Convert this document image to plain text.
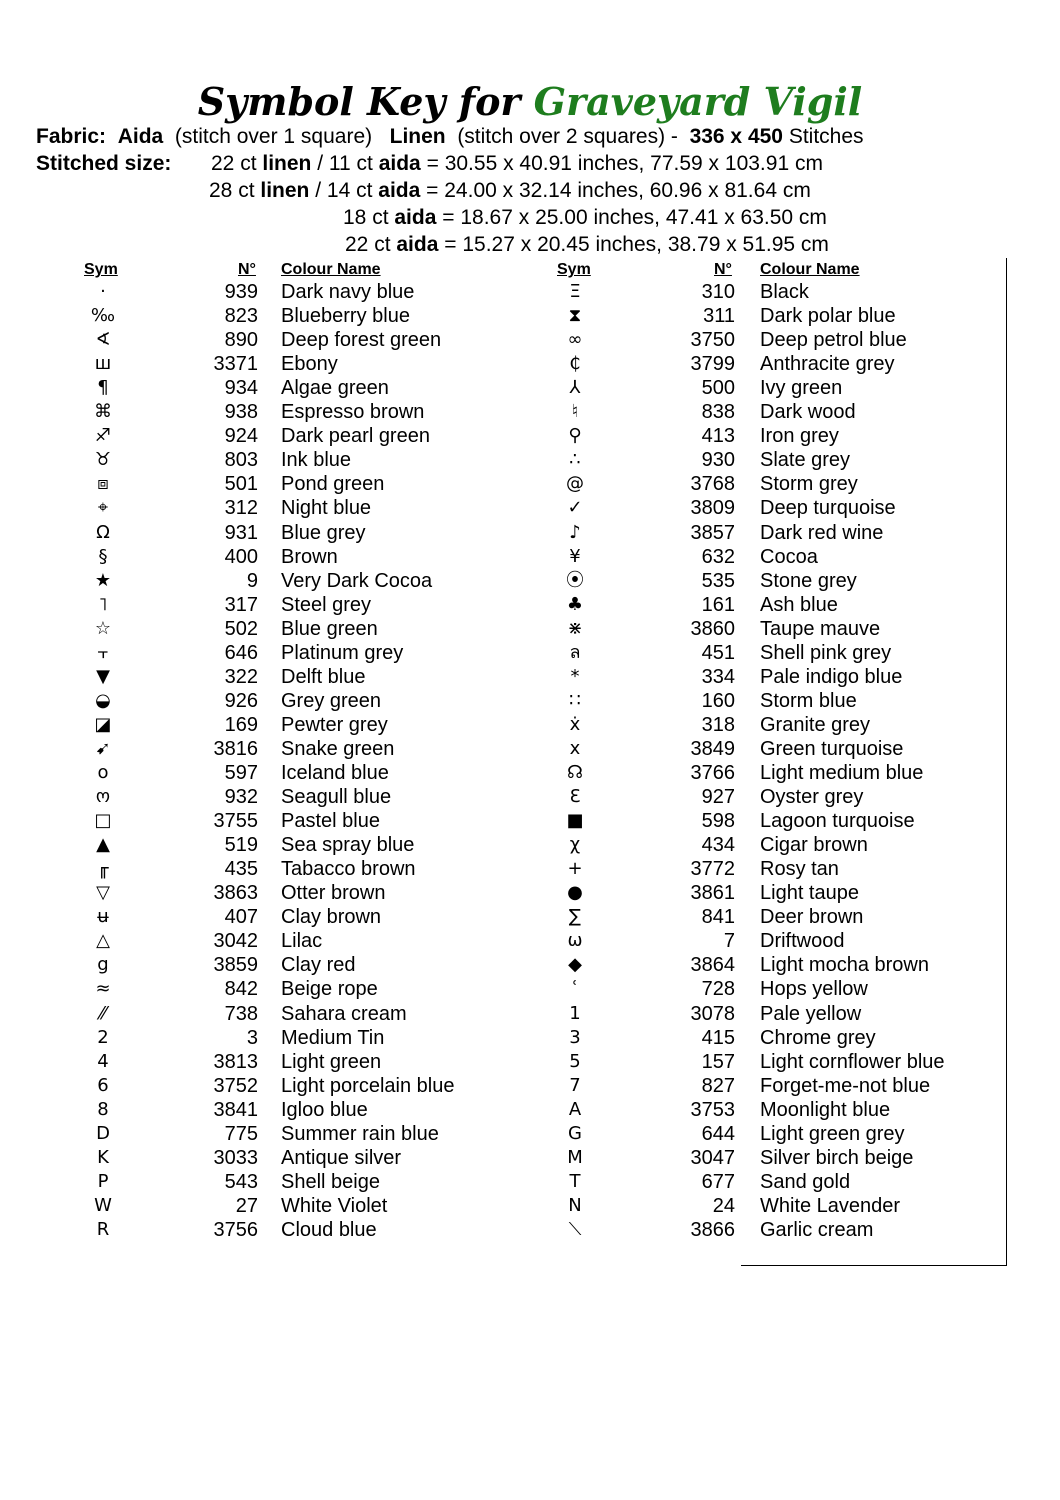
Symbol Key for Graveyard Vigil
Fabric: Aida (stitch over 1 square) Linen (stitch over 2 squares) - 336 x 450 Stitches
Stitched size: 22 ct linen / 11 ct aida = 30.55 x 40.91 inches, 77.59 x 103.91 cm
28 ct linen / 14 ct aida = 24.00 x 32.14 inches, 60.96 x 81.64 cm
18 ct aida = 18.67 x 25.00 inches, 47.41 x 63.50 cm
22 ct aida = 15.27 x 20.45 inches, 38.79 x 51.95 cm
Sym	N° Colour Name	Sym	N° Colour Name
·	939 Dark navy blue
‰	823 Blueberry blue
∢	890 Deep forest green
ш	3371 Ebony
¶	934 Algae green
⌘	938 Espresso brown
♐	924 Dark pearl green
♉	803 Ink blue
⧈	501 Pond green
⌖	312 Night blue
Ω	931 Blue grey
§	400 Brown
★	9 Very Dark Cocoa
˥	317 Steel grey
☆	502 Blue green
⫟	646 Platinum grey
▼	322 Delft blue
◒	926 Grey green
◪	169 Pewter grey
➹	3816 Snake green
o	597 Iceland blue
ო	932 Seagull blue
□	3755 Pastel blue
▲	519 Sea spray blue
╓	435 Tabacco brown
▽	3863 Otter brown
ʉ	407 Clay brown
△	3042 Lilac
g	3859 Clay red
≈	842 Beige rope
⁄⁄	738 Sahara cream
2	3 Medium Tin
4	3813 Light green
6	3752 Light porcelain blue
8	3841 Igloo blue
D	775 Summer rain blue
K	3033 Antique silver
P	543 Shell beige
W	27 White Violet
R	3756 Cloud blue
Ξ	310 Black
⧗	311 Dark polar blue
∞	3750 Deep petrol blue
₵	3799 Anthracite grey
⅄	500 Ivy green
♮	838 Dark wood
⚲	413 Iron grey
∴	930 Slate grey
@	3768 Storm grey
✓	3809 Deep turquoise
♪	3857 Dark red wine
¥	632 Cocoa
⦿	535 Stone grey
♣	161 Ash blue
⋇	3860 Taupe mauve
ล	451 Shell pink grey
*	334 Pale indigo blue
∷	160 Storm blue
ẋ	318 Granite grey
x	3849 Green turquoise
☊	3766 Light medium blue
Ɛ	927 Oyster grey
■	598 Lagoon turquoise
χ	434 Cigar brown
+	3772 Rosy tan
●	3861 Light taupe
∑	841 Deer brown
ω	7 Driftwood
◆	3864 Light mocha brown
ʿ	728 Hops yellow
1	3078 Pale yellow
3	415 Chrome grey
5	157 Light cornflower blue
7	827 Forget-me-not blue
A	3753 Moonlight blue
G	644 Light green grey
M	3047 Silver birch beige
T	677 Sand gold
N	24 White Lavender
⟍	3866 Garlic cream
